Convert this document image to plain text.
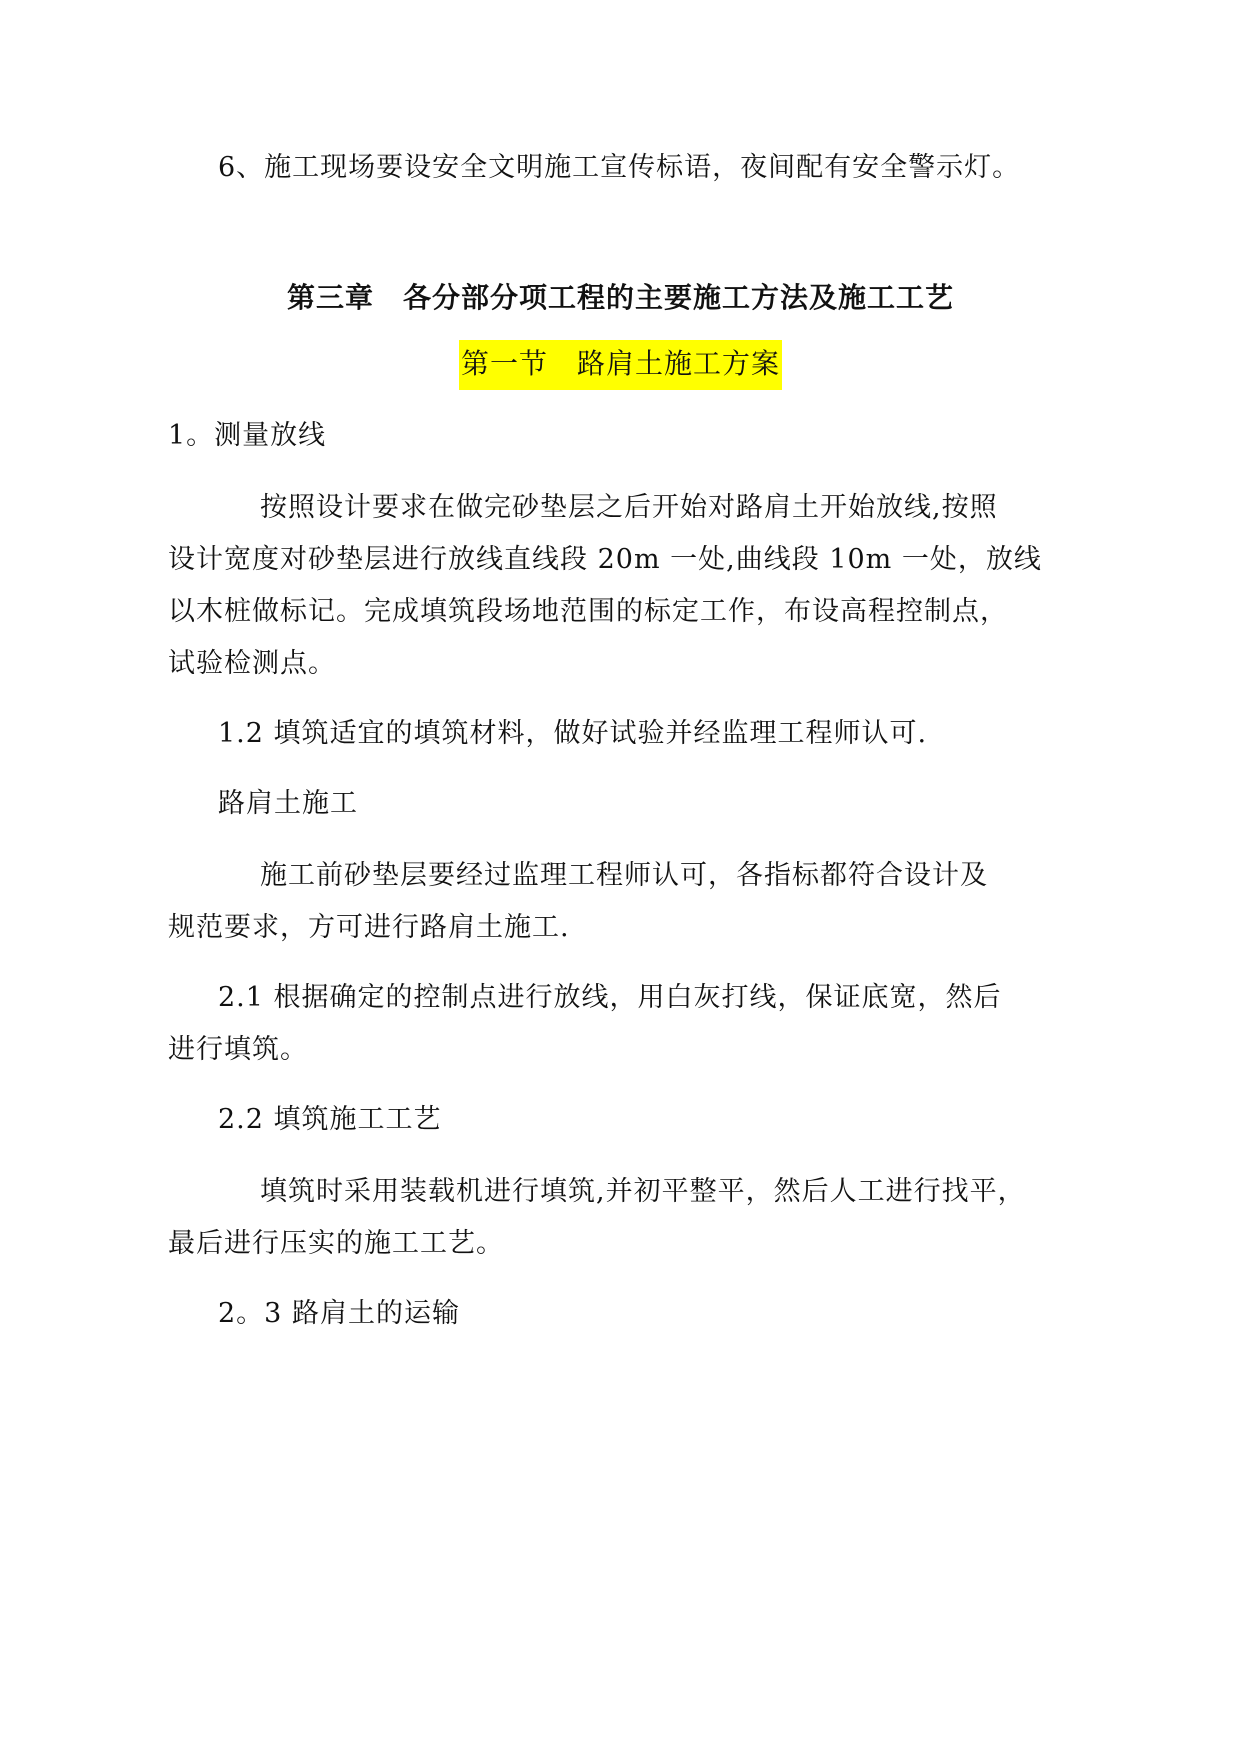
6、施工现场要设安全文明施工宣传标语，夜间配有安全警示灯。
第三章　各分部分项工程的主要施工方法及施工工艺
第一节　路肩土施工方案
1。测量放线
按照设计要求在做完砂垫层之后开始对路肩土开始放线,按照
设计宽度对砂垫层进行放线直线段 20m 一处,曲线段 10m 一处，放线
以木桩做标记。完成填筑段场地范围的标定工作，布设高程控制点，
试验检测点。
1.2 填筑适宜的填筑材料，做好试验并经监理工程师认可.
路肩土施工
施工前砂垫层要经过监理工程师认可，各指标都符合设计及
规范要求，方可进行路肩土施工.
2.1 根据确定的控制点进行放线，用白灰打线，保证底宽，然后
进行填筑。
2.2 填筑施工工艺
填筑时采用装载机进行填筑,并初平整平，然后人工进行找平，
最后进行压实的施工工艺。
2。3 路肩土的运输
